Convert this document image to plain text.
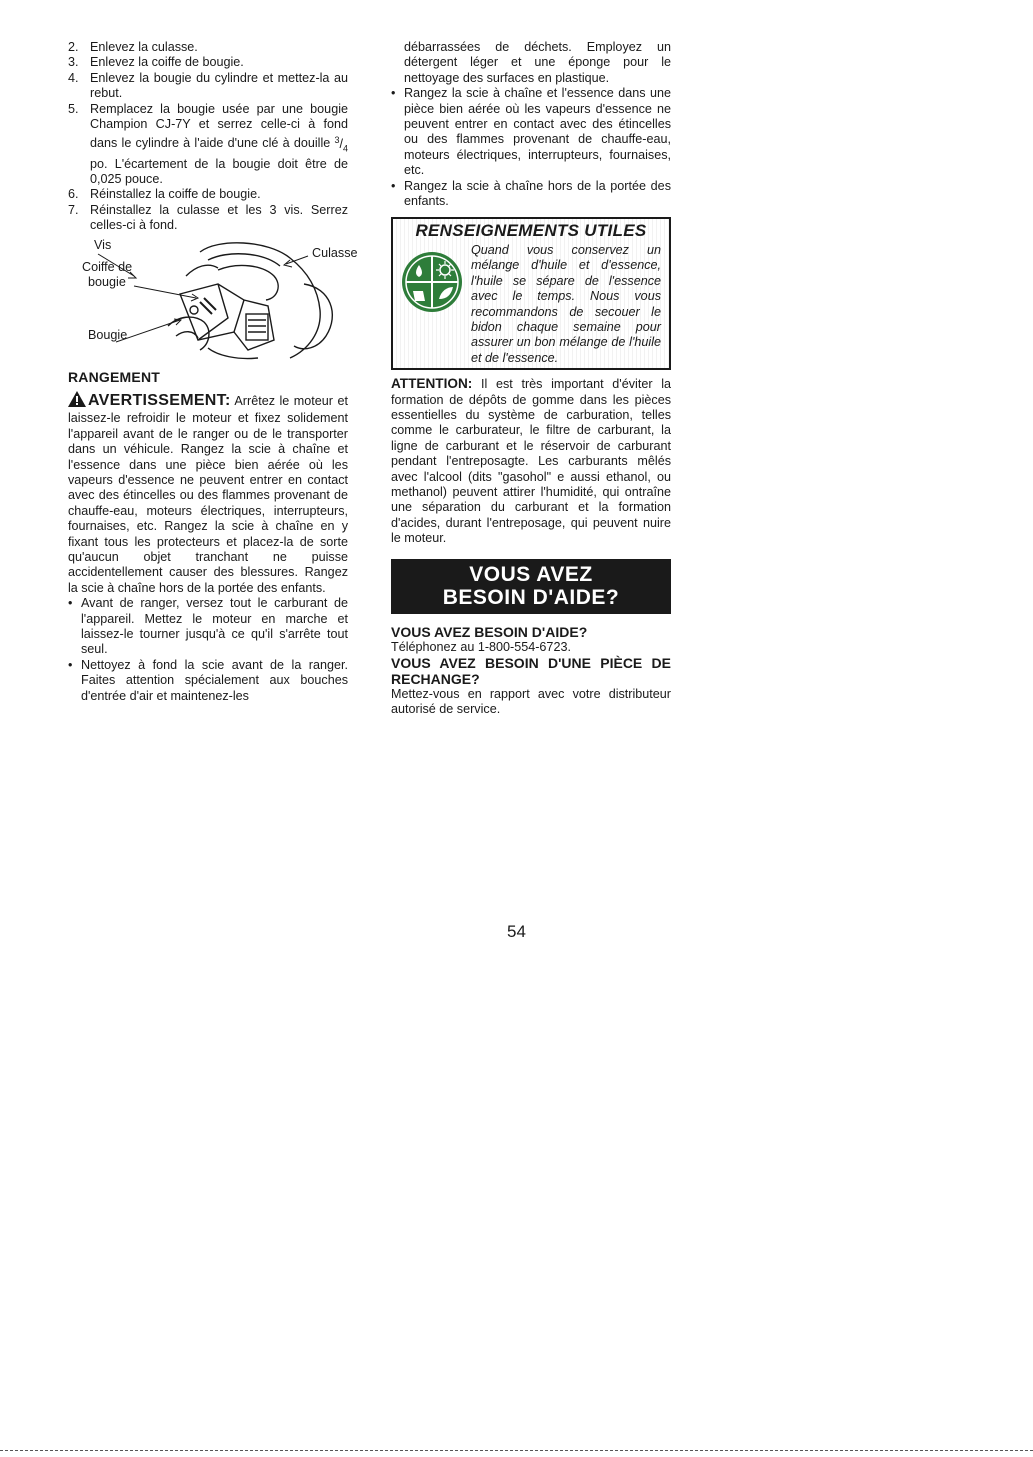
2. Enlevez la culasse.
3. Enlevez la coiffe de bougie.
4. Enlevez la bougie du cylindre et mettez-la au rebut.
5. Remplacez la bougie usée par une bougie Champion CJ-7Y et serrez celle-ci à fond dans le cylindre à l'aide d'une clé à douille $^3/_4$ po. L'écartement de la bougie doit être de 0,025 pouce.
6. Réinstallez la coiffe de bougie.
7. Réinstallez la culasse et les 3 vis. Serrez celles-ci à fond.
Vis
Culasse
Coiffe de
bougie
Bougie
RANGEMENT
AVERTISSEMENT: Arrêtez le moteur et laissez-le refroidir le moteur et fixez solidement l'appareil avant de le ranger ou de le transporter dans un véhicule. Rangez la scie à chaîne et l'essence dans une pièce bien aérée où les vapeurs d'essence ne peuvent entrer en contact avec des étincelles ou des flammes provenant de chauffe-eau, moteurs électriques, interrupteurs, fournaises, etc. Rangez la scie à chaîne en y fixant tous les protecteurs et placez-la de sorte qu'aucun objet tranchant ne puisse accidentellement causer des blessures. Rangez la scie à chaîne hors de la portée des enfants.
• Avant de ranger, versez tout le carburant de l'appareil. Mettez le moteur en marche et laissez-le tourner jusqu'à ce qu'il s'arrête tout seul.
• Nettoyez à fond la scie avant de la ranger. Faites attention spécialement aux bouches d'entrée d'air et maintenez-les
débarrassées de déchets. Employez un détergent léger et une éponge pour le nettoyage des surfaces en plastique.
• Rangez la scie à chaîne et l'essence dans une pièce bien aérée où les vapeurs d'essence ne peuvent entrer en contact avec des étincelles ou des flammes provenant de chauffe-eau, moteurs électriques, interrupteurs, fournaises, etc.
• Rangez la scie à chaîne hors de la portée des enfants.
RENSEIGNEMENTS UTILES
Quand vous conservez un mélange d'huile et d'essence, l'huile se sépare de l'essence avec le temps. Nous vous recommandons de secouer le bidon chaque semaine pour assurer un bon mélange de l'huile et de l'essence.
ATTENTION: Il est très important d'éviter la formation de dépôts de gomme dans les pièces essentielles du système de carburation, telles comme le carburateur, le filtre de carburant, la ligne de carburant et le réservoir de carburant pendant l'entreposagte. Les carburants mêlés avec l'alcool (dits "gasohol" e aussi ethanol, ou methanol) peuvent attirer l'humidité, qui ontraîne une séparation du carburant et la formation d'acides, durant l'entreposage, qui peuvent nuire le moteur.
VOUS AVEZ
BESOIN D'AIDE?

VOUS AVEZ BESOIN D'AIDE?

Téléphonez au 1-800-554-6723.

VOUS AVEZ BESOIN D'UNE PIÈCE DE RECHANGE?

Mettez-vous en rapport avec votre distributeur autorisé de service.
54
